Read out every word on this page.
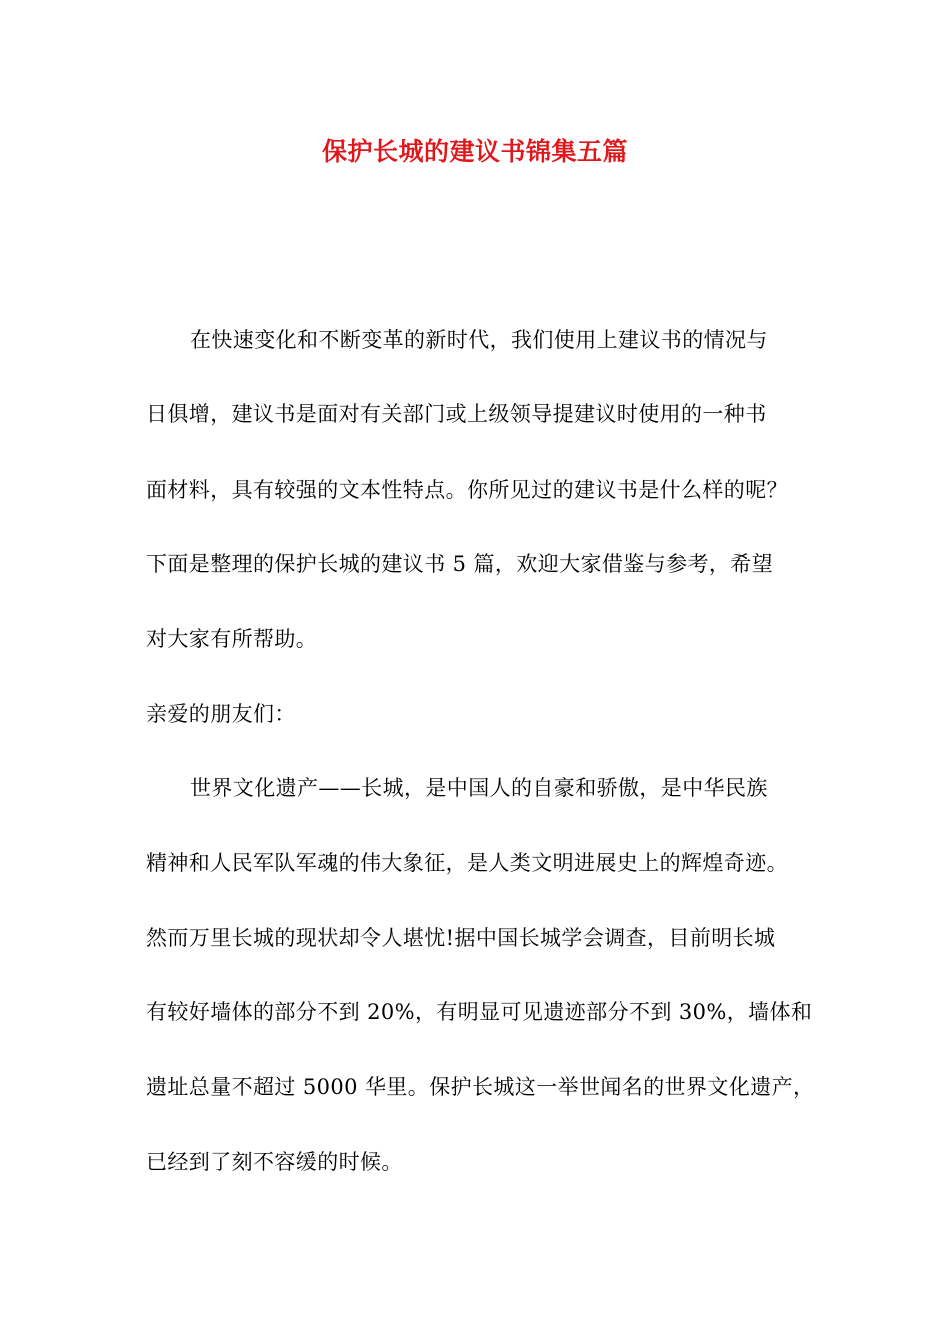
保护长城的建议书锦集五篇
在快速变化和不断变革的新时代，我们使用上建议书的情况与
日俱增，建议书是面对有关部门或上级领导提建议时使用的一种书
面材料，具有较强的文本性特点。你所见过的建议书是什么样的呢？
下面是整理的保护长城的建议书 5 篇，欢迎大家借鉴与参考，希望
对大家有所帮助。
亲爱的朋友们：
世界文化遗产——长城，是中国人的自豪和骄傲，是中华民族
精神和人民军队军魂的伟大象征，是人类文明进展史上的辉煌奇迹。
然而万里长城的现状却令人堪忧!据中国长城学会调查，目前明长城
有较好墙体的部分不到 20%，有明显可见遗迹部分不到 30%，墙体和
遗址总量不超过 5000 华里。保护长城这一举世闻名的世界文化遗产，
已经到了刻不容缓的时候。
